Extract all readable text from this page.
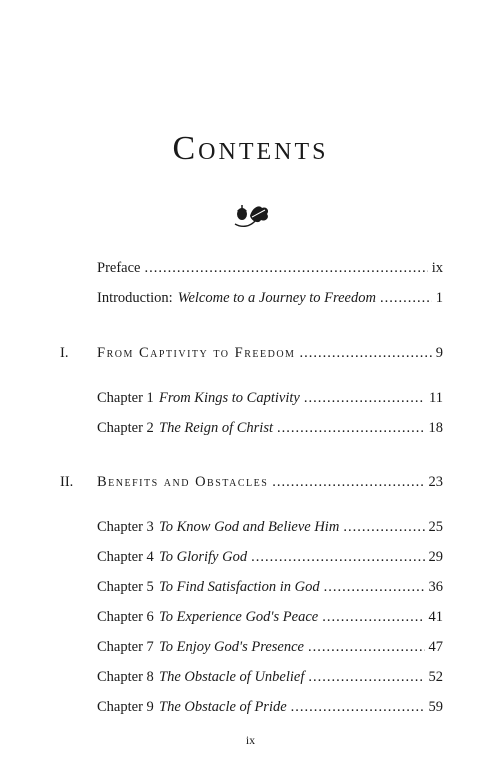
Contents
Preface .....	ix
Introduction: Welcome to a Journey to Freedom .....	1
I.	From Captivity to Freedom .....	9
Chapter 1 From Kings to Captivity .....	11
Chapter 2 The Reign of Christ .....	18
II.	Benefits and Obstacles .....	23
Chapter 3 To Know God and Believe Him .....	25
Chapter 4 To Glorify God .....	29
Chapter 5 To Find Satisfaction in God .....	36
Chapter 6 To Experience God's Peace .....	41
Chapter 7 To Enjoy God's Presence .....	47
Chapter 8 The Obstacle of Unbelief .....	52
Chapter 9 The Obstacle of Pride .....	59
ix
